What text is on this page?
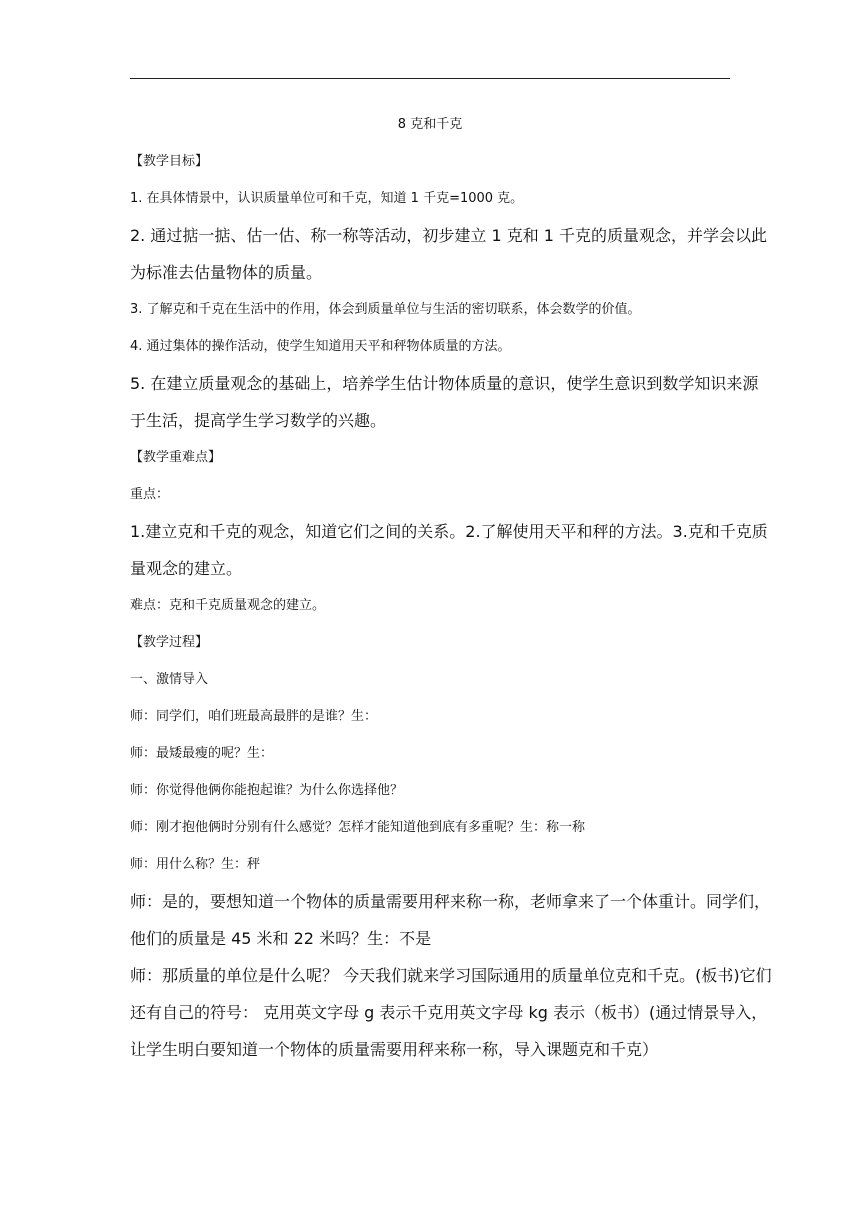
8 克和千克

【教学目标】

1. 在具体情景中，认识质量单位可和千克，知道 1 千克=1000 克。

2. 通过掂一掂、估一估、称一称等活动，初步建立 1 克和 1 千克的质量观念，并学会以此
为标准去估量物体的质量。

3. 了解克和千克在生活中的作用，体会到质量单位与生活的密切联系，体会数学的价值。

4. 通过集体的操作活动，使学生知道用天平和秤物体质量的方法。

5. 在建立质量观念的基础上，培养学生估计物体质量的意识，使学生意识到数学知识来源
于生活，提高学生学习数学的兴趣。

【教学重难点】

重点：

1.建立克和千克的观念，知道它们之间的关系。2.了解使用天平和秤的方法。3.克和千克质
量观念的建立。

难点：克和千克质量观念的建立。

【教学过程】

一、激情导入

师：同学们，咱们班最高最胖的是谁？生：

师：最矮最瘦的呢？生：

师：你觉得他俩你能抱起谁？为什么你选择他？

师：刚才抱他俩时分别有什么感觉？怎样才能知道他到底有多重呢？生：称一称

师：用什么称？生：秤

师：是的，要想知道一个物体的质量需要用秤来称一称，老师拿来了一个体重计。同学们，
他们的质量是 45 米和 22 米吗？生：不是
师：那质量的单位是什么呢？ 今天我们就来学习国际通用的质量单位克和千克。(板书)它们
还有自己的符号： 克用英文字母 g 表示千克用英文字母 kg 表示（板书）(通过情景导入，
让学生明白要知道一个物体的质量需要用秤来称一称，导入课题克和千克）
